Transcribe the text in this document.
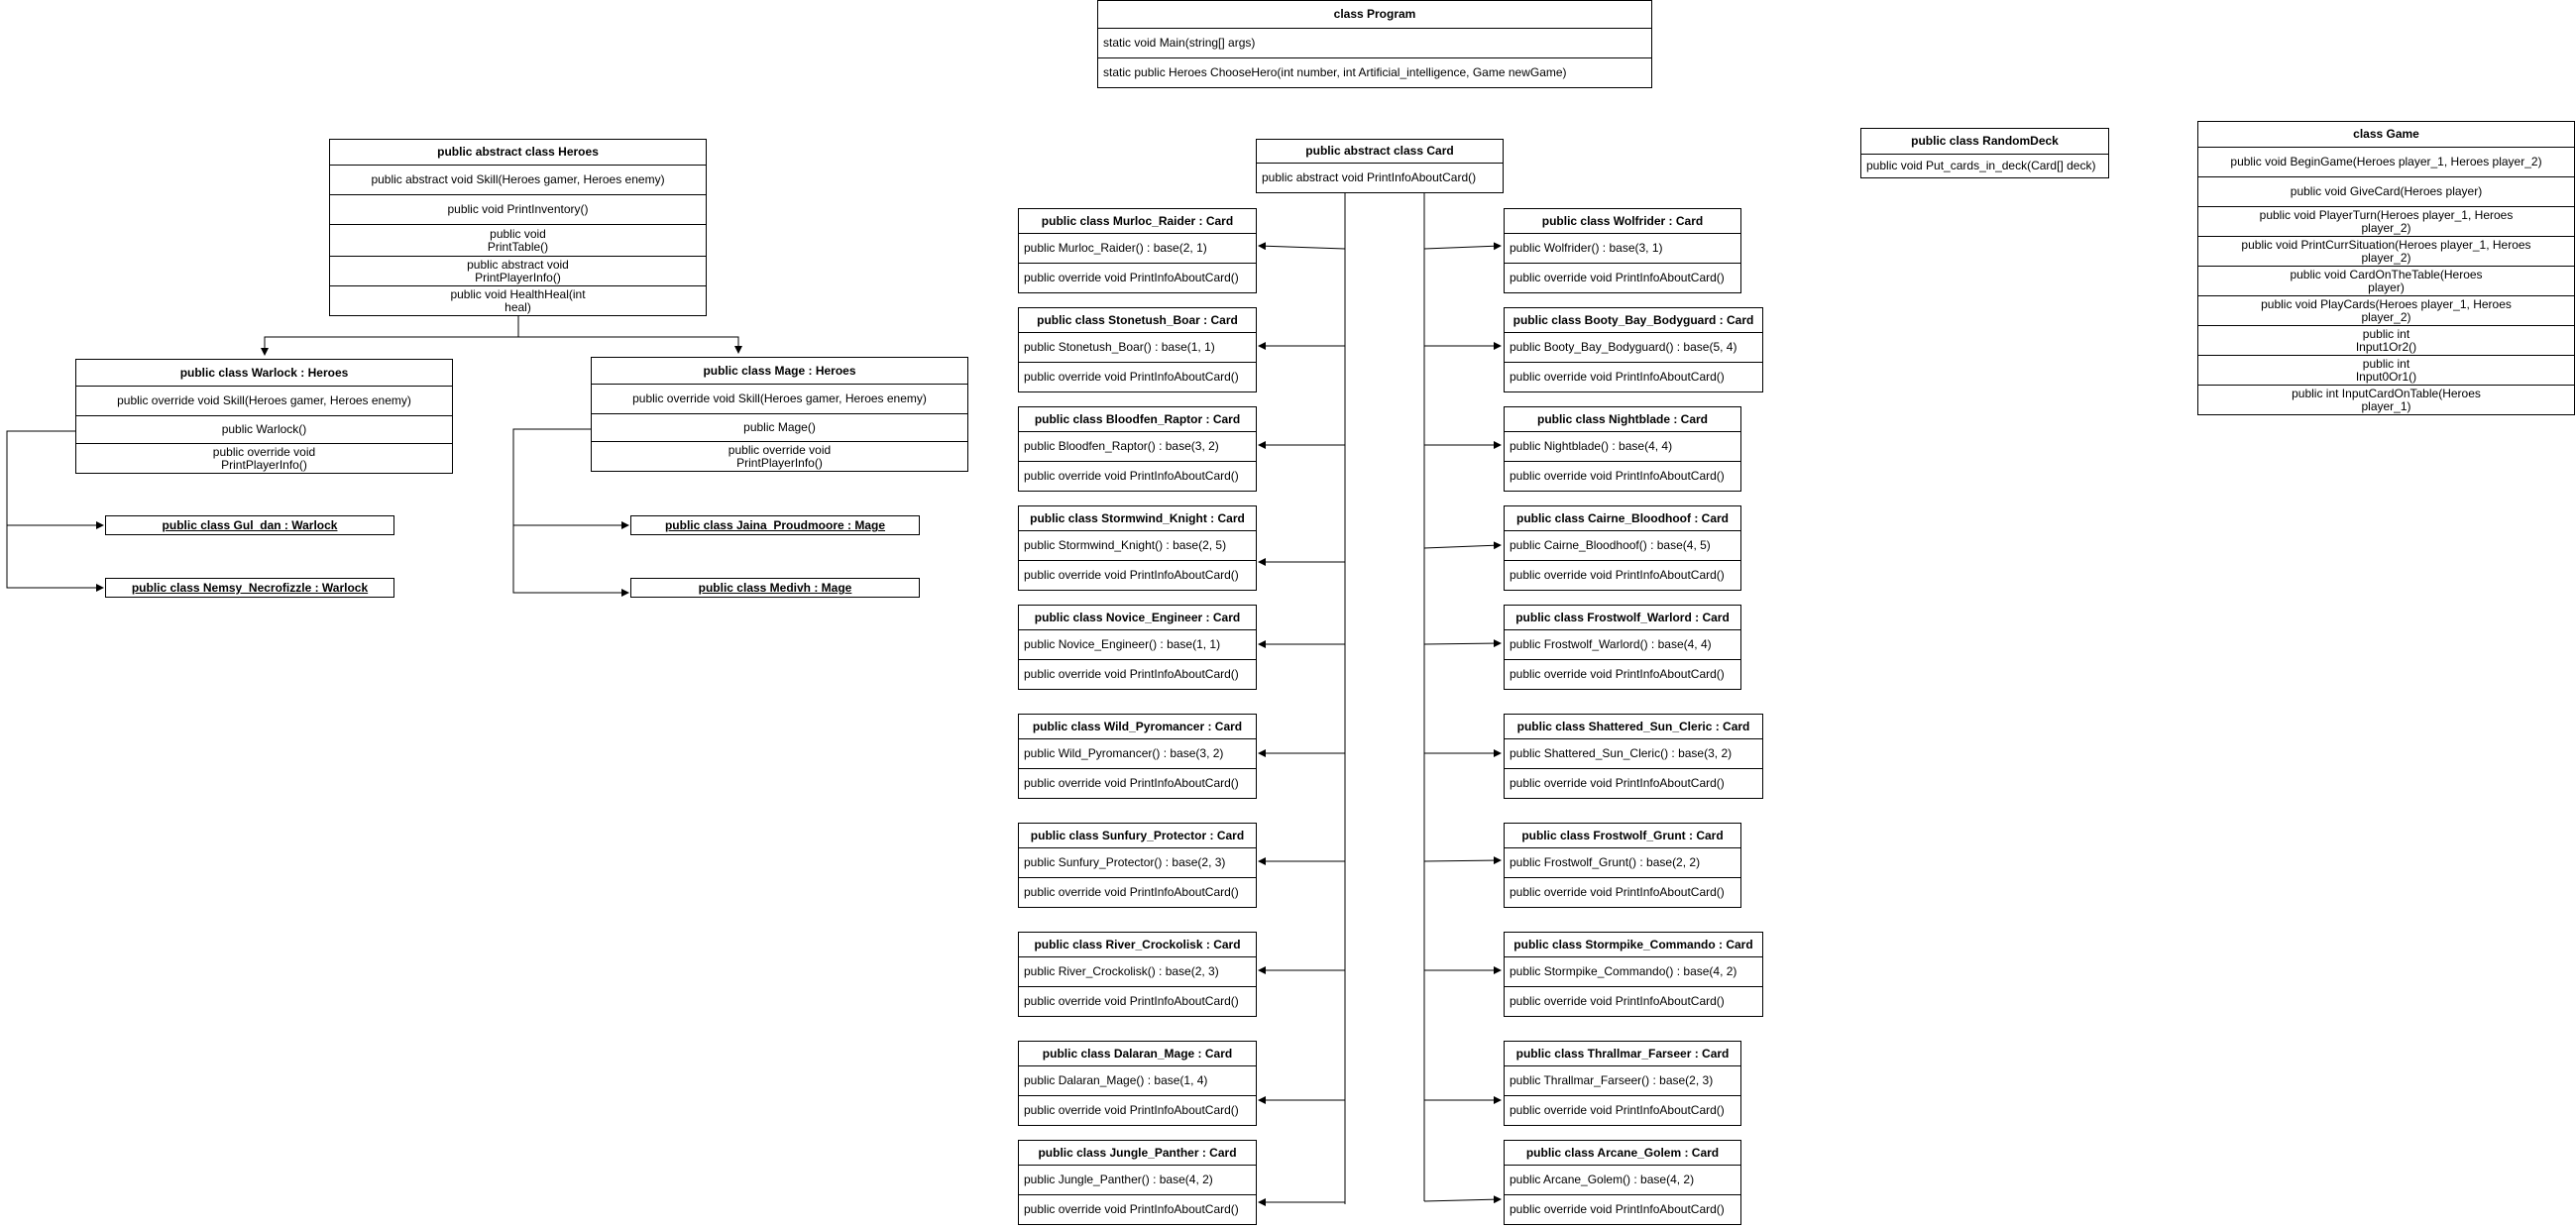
class Program
static void Main(string[] args)
static public Heroes ChooseHero(int number, int Artificial_intelligence, Game newGame)
public abstract class Heroes
public abstract void Skill(Heroes gamer, Heroes enemy)
public void PrintInventory()
public void
PrintTable()
public abstract void
PrintPlayerInfo()
public void HealthHeal(int
heal)
public class Warlock : Heroes
public override void Skill(Heroes gamer, Heroes enemy)
public Warlock()
public override void
PrintPlayerInfo()
public class Mage : Heroes
public override void Skill(Heroes gamer, Heroes enemy)
public Mage()
public override void
PrintPlayerInfo()
public class Gul_dan : Warlock
public class Nemsy_Necrofizzle : Warlock
public class Jaina_Proudmoore : Mage
public class Medivh : Mage
public abstract class Card
public abstract void PrintInfoAboutCard()
public class Murloc_Raider : Card
public Murloc_Raider() : base(2, 1)
public override void PrintInfoAboutCard()
public class Stonetush_Boar : Card
public Stonetush_Boar() : base(1, 1)
public override void PrintInfoAboutCard()
public class Bloodfen_Raptor : Card
public Bloodfen_Raptor() : base(3, 2)
public override void PrintInfoAboutCard()
public class Stormwind_Knight : Card
public Stormwind_Knight() : base(2, 5)
public override void PrintInfoAboutCard()
public class Novice_Engineer : Card
public Novice_Engineer() : base(1, 1)
public override void PrintInfoAboutCard()
public class Wild_Pyromancer : Card
public Wild_Pyromancer() : base(3, 2)
public override void PrintInfoAboutCard()
public class Sunfury_Protector : Card
public Sunfury_Protector() : base(2, 3)
public override void PrintInfoAboutCard()
public class River_Crockolisk : Card
public River_Crockolisk() : base(2, 3)
public override void PrintInfoAboutCard()
public class Dalaran_Mage : Card
public Dalaran_Mage() : base(1, 4)
public override void PrintInfoAboutCard()
public class Jungle_Panther : Card
public Jungle_Panther() : base(4, 2)
public override void PrintInfoAboutCard()
public class Wolfrider : Card
public Wolfrider() : base(3, 1)
public override void PrintInfoAboutCard()
public class Booty_Bay_Bodyguard : Card
public Booty_Bay_Bodyguard() : base(5, 4)
public override void PrintInfoAboutCard()
public class Nightblade : Card
public Nightblade() : base(4, 4)
public override void PrintInfoAboutCard()
public class Cairne_Bloodhoof : Card
public Cairne_Bloodhoof() : base(4, 5)
public override void PrintInfoAboutCard()
public class Frostwolf_Warlord : Card
public Frostwolf_Warlord() : base(4, 4)
public override void PrintInfoAboutCard()
public class Shattered_Sun_Cleric : Card
public Shattered_Sun_Cleric() : base(3, 2)
public override void PrintInfoAboutCard()
public class Frostwolf_Grunt : Card
public Frostwolf_Grunt() : base(2, 2)
public override void PrintInfoAboutCard()
public class Stormpike_Commando : Card
public Stormpike_Commando() : base(4, 2)
public override void PrintInfoAboutCard()
public class Thrallmar_Farseer : Card
public Thrallmar_Farseer() : base(2, 3)
public override void PrintInfoAboutCard()
public class Arcane_Golem : Card
public Arcane_Golem() : base(4, 2)
public override void PrintInfoAboutCard()
public class RandomDeck
public void Put_cards_in_deck(Card[] deck)
class Game
public void BeginGame(Heroes player_1, Heroes player_2)
public void GiveCard(Heroes player)
public void PlayerTurn(Heroes player_1, Heroes
player_2)
public void PrintCurrSituation(Heroes player_1, Heroes
player_2)
public void CardOnTheTable(Heroes
player)
public void PlayCards(Heroes player_1, Heroes
player_2)
public int
Input1Or2()
public int
Input0Or1()
public int InputCardOnTable(Heroes
player_1)
